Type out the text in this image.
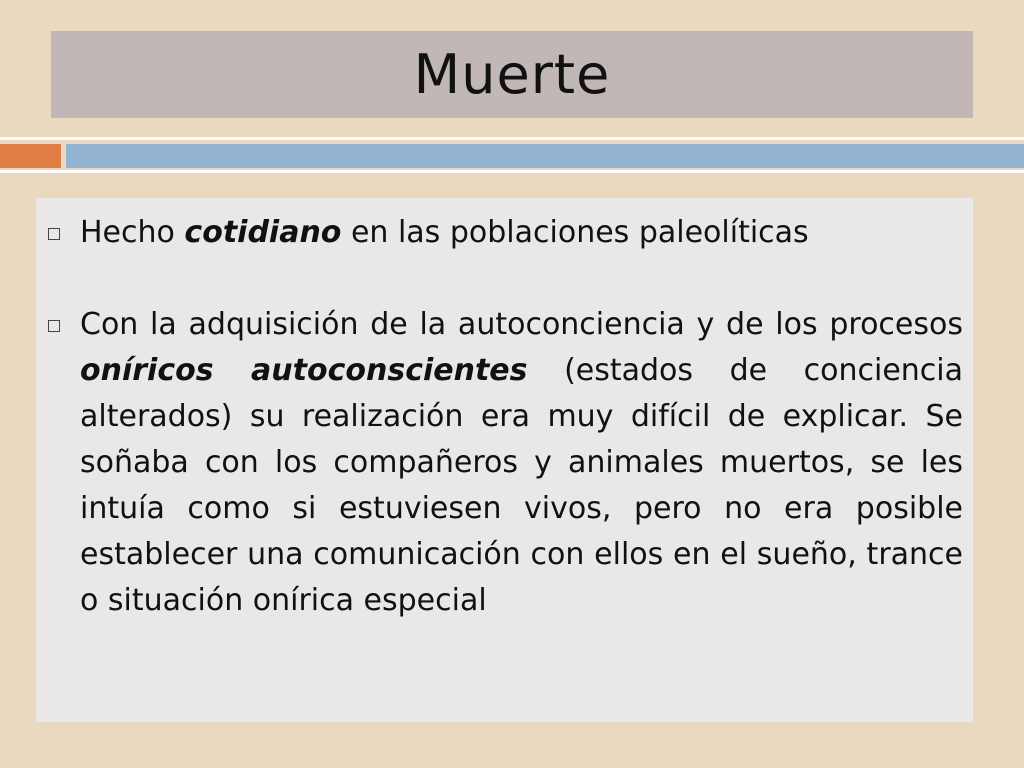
Muerte
Hecho cotidiano en las poblaciones paleolíticas
Con la adquisición de la autoconciencia y de los procesos oníricos autoconscientes (estados de conciencia alterados) su realización era muy difícil de explicar. Se soñaba con los compañeros y animales muertos, se les intuía como si estuviesen vivos, pero no era posible establecer una comunicación con ellos en el sueño, trance o situación onírica especial
